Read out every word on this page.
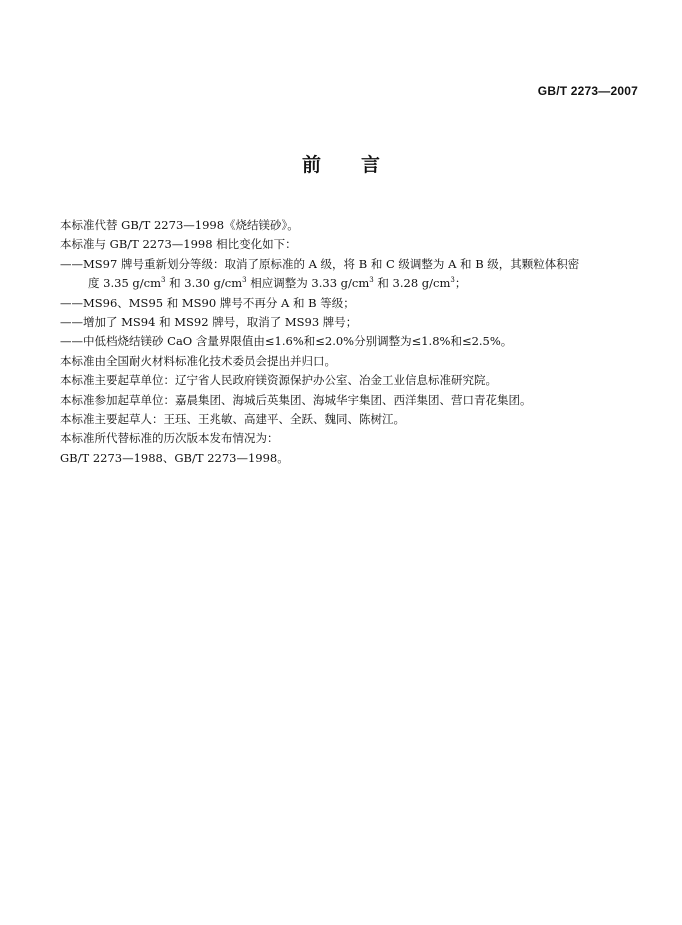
GB/T 2273—2007
前言
本标准代替 GB/T 2273—1998《烧结镁砂》。
本标准与 GB/T 2273—1998 相比变化如下：
——MS97 牌号重新划分等级：取消了原标准的 A 级，将 B 和 C 级调整为 A 和 B 级，其颗粒体积密
度 3.35 $g/cm^3$ 和 3.30 $g/cm^3$ 相应调整为 3.33 $g/cm^3$ 和 3.28 $g/cm^3$；
——MS96、MS95 和 MS90 牌号不再分 A 和 B 等级；
——增加了 MS94 和 MS92 牌号，取消了 MS93 牌号；
——中低档烧结镁砂 CaO 含量界限值由≤1.6%和≤2.0%分别调整为≤1.8%和≤2.5%。
本标准由全国耐火材料标准化技术委员会提出并归口。
本标准主要起草单位：辽宁省人民政府镁资源保护办公室、冶金工业信息标准研究院。
本标准参加起草单位：嘉晨集团、海城后英集团、海城华宇集团、西洋集团、营口青花集团。
本标准主要起草人：王珏、王兆敏、高建平、全跃、魏同、陈树江。
本标准所代替标准的历次版本发布情况为：
GB/T 2273—1988、GB/T 2273—1998。
